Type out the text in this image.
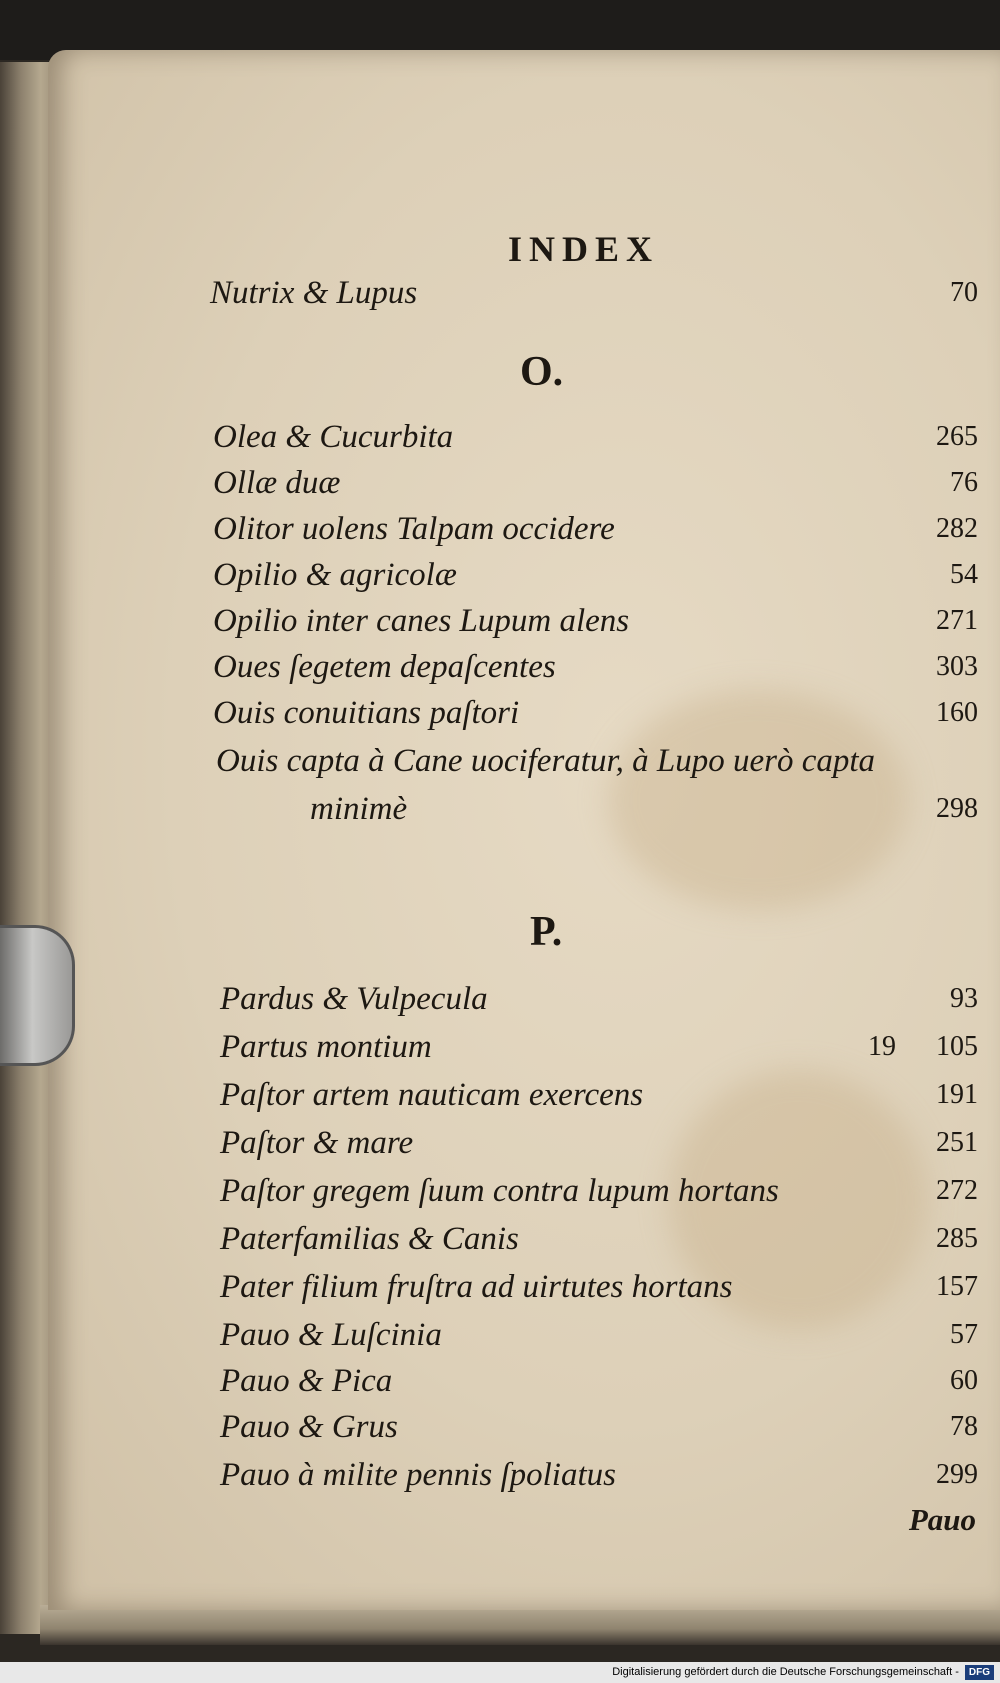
INDEX
Nutrix & Lupus	70
O.
Olea & Cucurbita	265
Ollæ duæ	76
Olitor uolens Talpam occidere	282
Opilio & agricolæ	54
Opilio inter canes Lupum alens	271
Oues ſegetem depaſcentes	303
Ouis conuitians paſtori	160
Ouis capta à Cane uociferatur, à Lupo uerò capta
minimè	298
P.
Pardus & Vulpecula	93
Partus montium	19 105
Paſtor artem nauticam exercens	191
Paſtor & mare	251
Paſtor gregem ſuum contra lupum hortans	272
Paterfamilias & Canis	285
Pater filium fruſtra ad uirtutes hortans	157
Pauo & Luſcinia	57
Pauo & Pica	60
Pauo & Grus	78
Pauo à milite pennis ſpoliatus	299
Pauo
Digitalisierung gefördert durch die Deutsche Forschungsgemeinschaft - DFG
